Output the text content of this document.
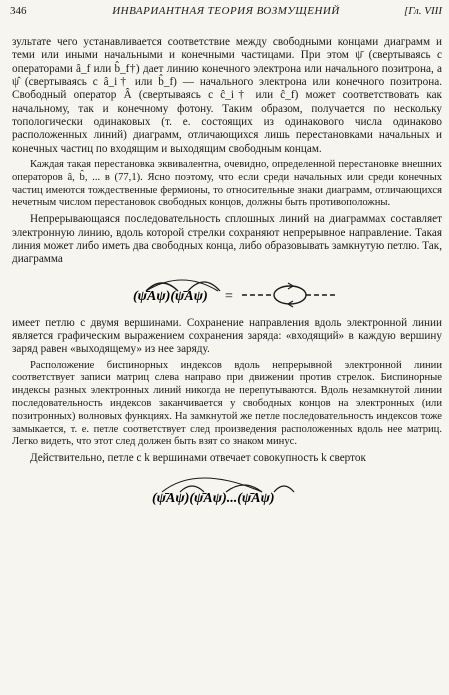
346	ИНВАРИАНТНАЯ ТЕОРИЯ ВОЗМУЩЕНИЙ	[Гл. VIII

зультате чего устанавливается соответствие между свободными концами диаграмм и теми или иными начальными и конечными частицами. При этом ψ̄ (свертываясь с операторами â_f или b̂_f†) дает линию конечного электрона или начального позитрона, а ψ̂ (свертываясь с â_i† или b̂_f) — начального электрона или конечного позитрона. Свободный оператор Â (свертываясь с ĉ_i† или ĉ_f) может соответствовать как начальному, так и конечному фотону. Таким образом, получается по нескольку топологически одинаковых (т. е. состоящих из одинакового числа одинаково расположенных линий) диаграмм, отличающихся лишь перестановками начальных и конечных частиц по входящим и выходящим свободным концам.

Каждая такая перестановка эквивалентна, очевидно, определенной перестановке внешних операторов â, b̂, ... в (77,1). Ясно поэтому, что если среди начальных или среди конечных частиц имеются тождественные фермионы, то относительные знаки диаграмм, отличающихся нечетным числом перестановок свободных концов, должны быть противоположны.

Непрерывающаяся последовательность сплошных линий на диаграммах составляет электронную линию, вдоль которой стрелки сохраняют непрерывное направление. Такая линия может либо иметь два свободных конца, либо образовывать замкнутую петлю. Так, диаграмма

(ψ̄Aψ)(ψ̄Aψ) =

имеет петлю с двумя вершинами. Сохранение направления вдоль электронной линии является графическим выражением сохранения заряда: «входящий» в каждую вершину заряд равен «выходящему» из нее заряду.

Расположение биспинорных индексов вдоль непрерывной электронной линии соответствует записи матриц слева направо при движении против стрелок. Биспинорные индексы разных электронных линий никогда не перепутываются. Вдоль незамкнутой линии последовательность индексов заканчивается у свободных концов на электронных (или позитронных) волновых функциях. На замкнутой же петле последовательность индексов тоже замыкается, т. е. петле соответствует след произведения расположенных вдоль нее матриц. Легко видеть, что этот след должен быть взят со знаком минус.

Действительно, петле с k вершинами отвечает совокупность k сверток

(ψ̄Aψ)(ψ̄Aψ)...(ψ̄Aψ)
